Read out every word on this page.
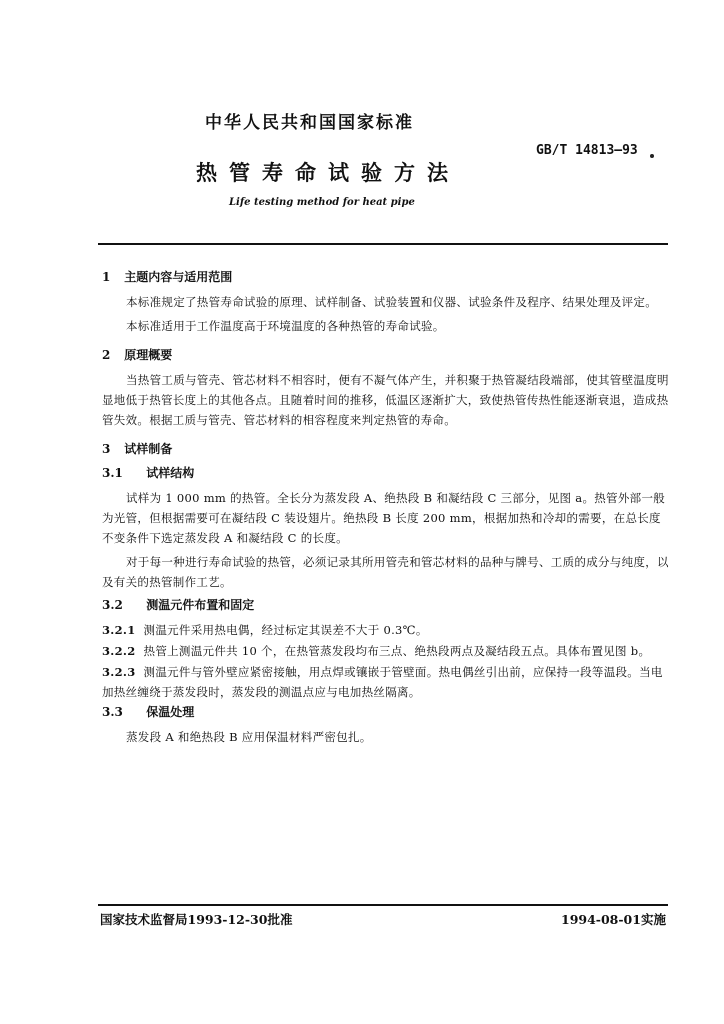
中华人民共和国国家标准
GB/T 14813—93
热管寿命试验方法
Life testing method for heat pipe
1 主题内容与适用范围
本标准规定了热管寿命试验的原理、试样制备、试验装置和仪器、试验条件及程序、结果处理及评定。
本标准适用于工作温度高于环境温度的各种热管的寿命试验。
2 原理概要
当热管工质与管壳、管芯材料不相容时，便有不凝气体产生，并积聚于热管凝结段端部，使其管壁温度明显地低于热管长度上的其他各点。且随着时间的推移，低温区逐渐扩大，致使热管传热性能逐渐衰退，造成热管失效。根据工质与管壳、管芯材料的相容程度来判定热管的寿命。
3 试样制备
3.1 试样结构
试样为 1 000 mm 的热管。全长分为蒸发段 A、绝热段 B 和凝结段 C 三部分，见图 a。热管外部一般为光管，但根据需要可在凝结段 C 装设翅片。绝热段 B 长度 200 mm，根据加热和冷却的需要，在总长度不变条件下选定蒸发段 A 和凝结段 C 的长度。
对于每一种进行寿命试验的热管，必须记录其所用管壳和管芯材料的品种与牌号、工质的成分与纯度，以及有关的热管制作工艺。
3.2 测温元件布置和固定
3.2.1 测温元件采用热电偶，经过标定其误差不大于 0.3℃。
3.2.2 热管上测温元件共 10 个，在热管蒸发段均布三点、绝热段两点及凝结段五点。具体布置见图 b。
3.2.3 测温元件与管外壁应紧密接触，用点焊或镶嵌于管壁面。热电偶丝引出前，应保持一段等温段。当电加热丝缠绕于蒸发段时，蒸发段的测温点应与电加热丝隔离。
3.3 保温处理
蒸发段 A 和绝热段 B 应用保温材料严密包扎。
国家技术监督局1993-12-30批准	1994-08-01实施
